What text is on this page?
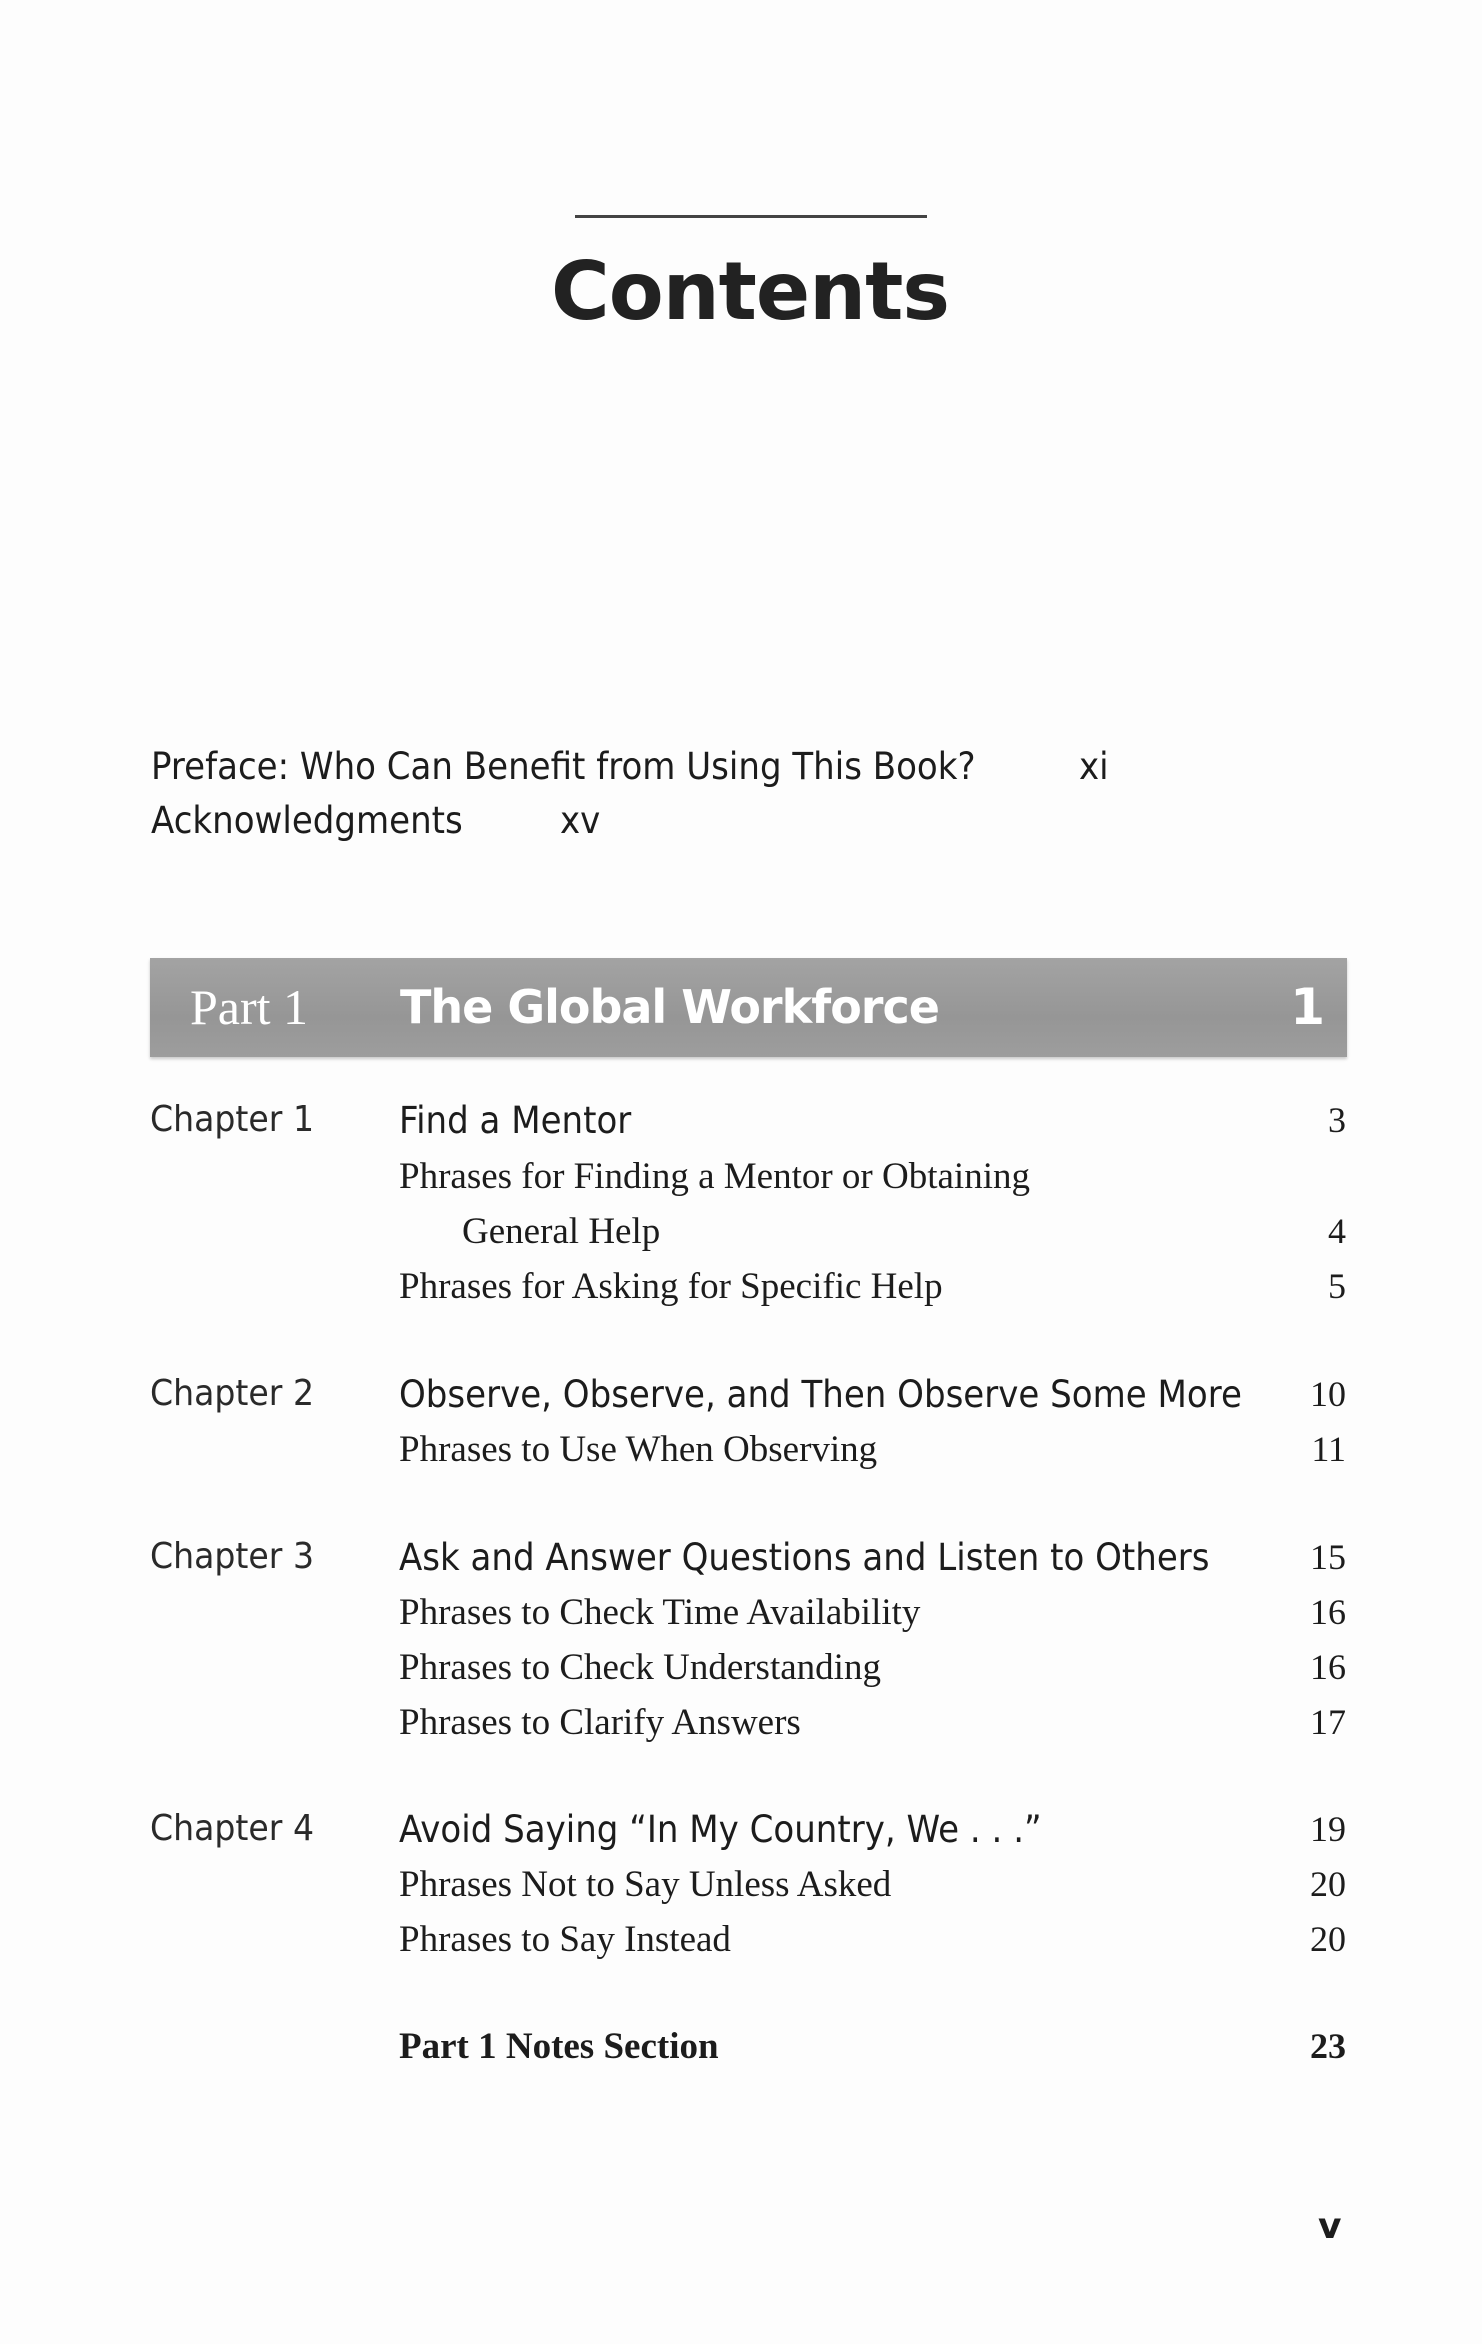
Contents
Preface: Who Can Benefit from Using This Book?	xi
Acknowledgments	xv
Part 1 The Global Workforce	1
Chapter 1 Find a Mentor	3
Phrases for Finding a Mentor or Obtaining
General Help	4
Phrases for Asking for Specific Help	5
Chapter 2 Observe, Observe, and Then Observe Some More 10
Phrases to Use When Observing	11
Chapter 3 Ask and Answer Questions and Listen to Others	15
Phrases to Check Time Availability	16
Phrases to Check Understanding	16
Phrases to Clarify Answers	17
Chapter 4 Avoid Saying “In My Country, We . . .”	19
Phrases Not to Say Unless Asked	20
Phrases to Say Instead	20
Part 1 Notes Section	23
v
